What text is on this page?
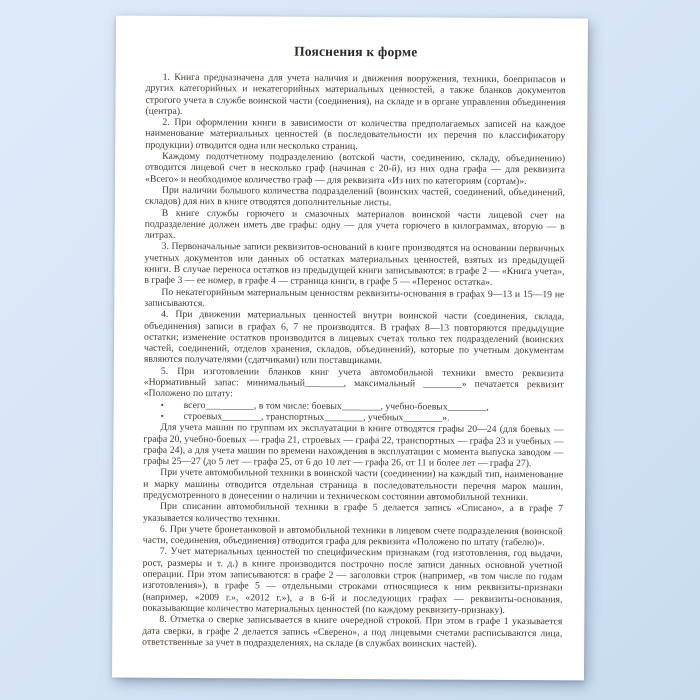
Пояснения к форме

1. Книга предназначена для учета наличия и движения вооружения, техники, боеприпасов и других категорийных и некатегорийных материальных ценностей, а также бланков документов строгого учета в службе воинской части (соединения), на складе и в органе управления объединения (центра).

2. При оформлении книги в зависимости от количества предполагаемых записей на каждое наименование материальных ценностей (в последовательности их перечня по классификатору продукции) отводится одна или несколько страниц.

Каждому подотчетному подразделению (вотской части, соединению, складу, объединению) отводится лицевой счет в несколько граф (начиная с 20-й), из них одна графа — для реквизита «Всего» и необходимое количество граф — для реквизита «Из них по категориям (сортам)».

При наличии большого количества подразделений (воинских частей, соединений, объединений, складов) для них в книге отводятся дополнительные листы.

В книге службы горючего и смазочных материалов воинской части лицевой счет на подразделение должен иметь две графы: одну — для учета горючего в килограммах, вторую — в литрах.

3. Первоначальные записи реквизитов-оснований в книге производятся на основании первичных учетных документов или данных об остатках материальных ценностей, взятых из предыдущей книги. В случае переноса остатков из предыдущей книги записываются: в графе 2 — «Книга учета», в графе 3 — ее номер, в графе 4 — страница книги, в графе 5 — «Перенос остатка».

По некатегорийным материальным ценностям реквизиты-основания в графах 9—13 и 15—19 не записываются.

4. При движении материальных ценностей внутри воинской части (соединения, склада, объединения) записи в графах 6, 7 не производятся. В графах 8—13 повторяются предыдущие остатки; изменение остатков производится в лицевых счетах только тех подразделений (воинских частей, соединений, отделов хранения, складов, объединений), которые по учетным документам являются получателями (сдатчиками) или поставщиками.

5. При изготовлении бланков книг учета автомобильной техники вместо реквизита «Нормативный запас: минимальный________, максимальный ________» печатается реквизит «Положено по штату:

• всего__________, в том числе: боевых________, учебно-боевых________,

• строевых________, транспортных________, учебных________».

Для учета машин по группам их эксплуатации в книге отводятся графы 20—24 (для боевых — графа 20, учебно-боевых — графа 21, строевых — графа 22, транспортных — графа 23 и учебных — графа 24), а для учета машин по времени нахождения в эксплуатации с момента выпуска заводом — графы 25—27 (до 5 лет — графа 25, от 6 до 10 лет — графа 26, от 11 и более лет — графа 27).

При учете автомобильной техники в воинской части (соединении) на каждый тип, наименование и марку машины отводится отдельная страница в последовательности перечня марок машин, предусмотренного в донесении о наличии и техническом состоянии автомобильной техники.

При списании автомобильной техники в графе 5 делается запись «Списано», а в графе 7 указывается количество техники.

6. При учете бронетанковой и автомобильной техники в лицевом счете подразделения (воинской части, соединения, объединения) отводится графа для реквизита «Положено по штату (табелю)».

7. Учет материальных ценностей по специфическим признакам (год изготовления, год выдачи, рост, размеры и т. д.) в книге производится построчно после записи данных основной учетной операции. При этом записываются: в графе 2 — заголовки строк (например, «в том числе по годам изготовления»), в графе 5 — отдельными строками относящиеся к ним реквизиты-признаки (например, «2009 г.», «2012 г.»), а в 6-й и последующих графах — реквизиты-основания, показывающие количество материальных ценностей (по каждому реквизиту-признаку).

8. Отметка о сверке записывается в книге очередной строкой. При этом в графе 1 указывается дата сверки, в графе 2 делается запись «Сверено», а под лицевыми счетами расписываются лица, ответственные за учет в подразделениях, на складе (в службах воинских частей).
